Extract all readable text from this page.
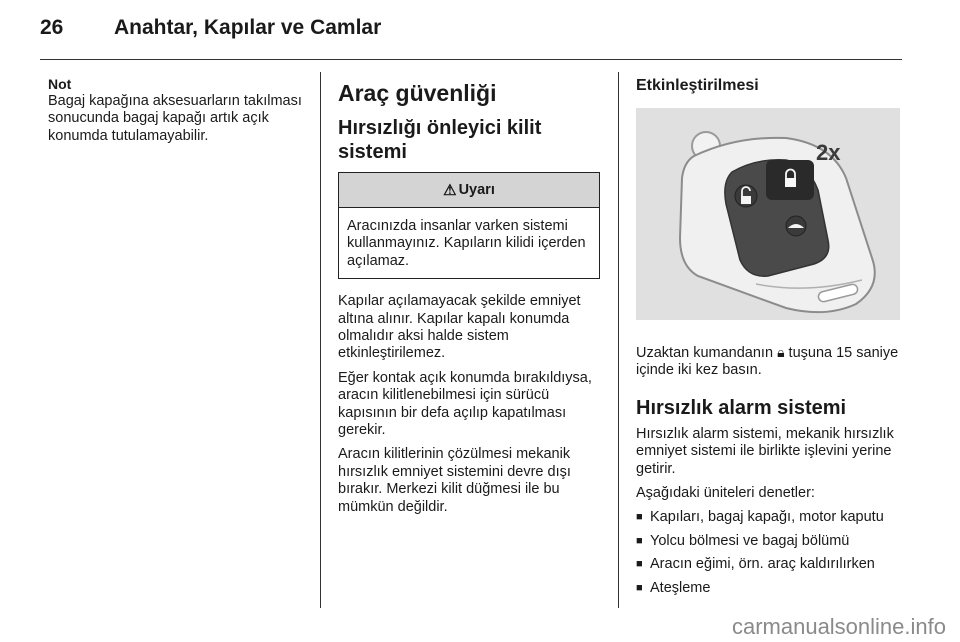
26 Anahtar, Kapılar ve Camlar
Not

Bagaj kapağına aksesuarların takılması sonucunda bagaj kapağı artık açık konumda tutulamayabilir.

Araç güvenliği
Hırsızlığı önleyici kilit sistemi
⚠ Uyarı
Aracınızda insanlar varken sistemi kullanmayınız. Kapıların kilidi içerden açılamaz.

Kapılar açılamayacak şekilde emniyet altına alınır. Kapılar kapalı konumda olmalıdır aksi halde sistem etkinleştirilemez.

Eğer kontak açık konumda bırakıldıysa, aracın kilitlenebilmesi için sürücü kapısının bir defa açılıp kapatılması gerekir.

Aracın kilitlerinin çözülmesi mekanik hırsızlık emniyet sistemini devre dışı bırakır. Merkezi kilit düğmesi ile bu mümkün değildir.

Etkinleştirilmesi
2x

Uzaktan kumandanın 🔒︎ tuşuna 15 saniye içinde iki kez basın.

Hırsızlık alarm sistemi

Hırsızlık alarm sistemi, mekanik hırsızlık emniyet sistemi ile birlikte işlevini yerine getirir.

Aşağıdaki üniteleri denetler:

■ Kapıları, bagaj kapağı, motor kaputu
■ Yolcu bölmesi ve bagaj bölümü
■ Aracın eğimi, örn. araç kaldırılırken
■ Ateşleme
carmanualsonline.info
